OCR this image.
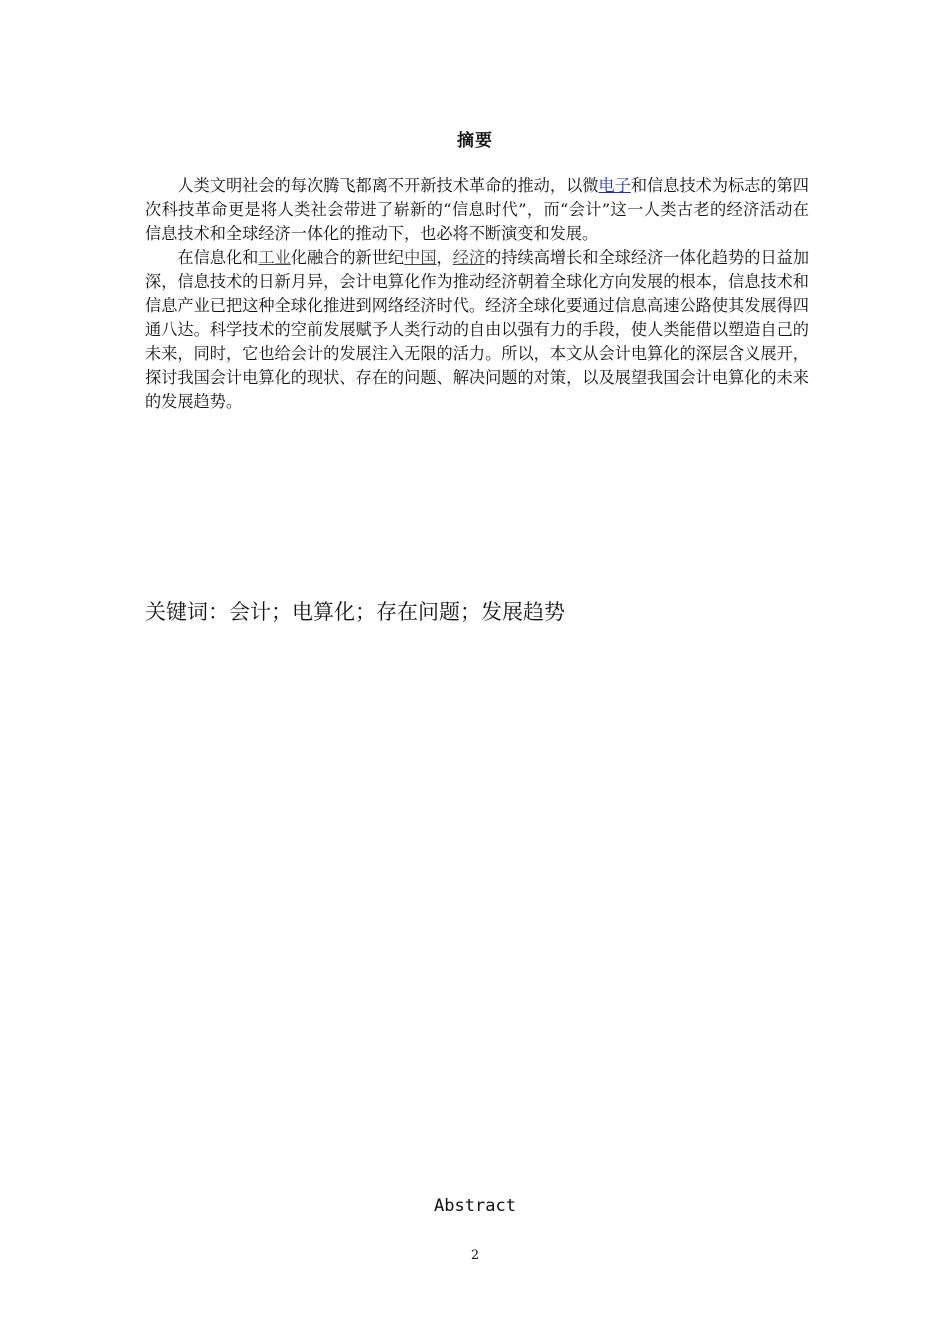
摘要

人类文明社会的每次腾飞都离不开新技术革命的推动，以微电子和信息技术为标志的第四次科技革命更是将人类社会带进了崭新的“信息时代”，而“会计”这一人类古老的经济活动在信息技术和全球经济一体化的推动下，也必将不断演变和发展。

在信息化和工业化融合的新世纪中国，经济的持续高增长和全球经济一体化趋势的日益加深，信息技术的日新月异，会计电算化作为推动经济朝着全球化方向发展的根本，信息技术和信息产业已把这种全球化推进到网络经济时代。经济全球化要通过信息高速公路使其发展得四通八达。科学技术的空前发展赋予人类行动的自由以强有力的手段，使人类能借以塑造自己的未来，同时，它也给会计的发展注入无限的活力。所以，本文从会计电算化的深层含义展开，探讨我国会计电算化的现状、存在的问题、解决问题的对策，以及展望我国会计电算化的未来的发展趋势。

关键词：会计；电算化；存在问题；发展趋势
Abstract
2
